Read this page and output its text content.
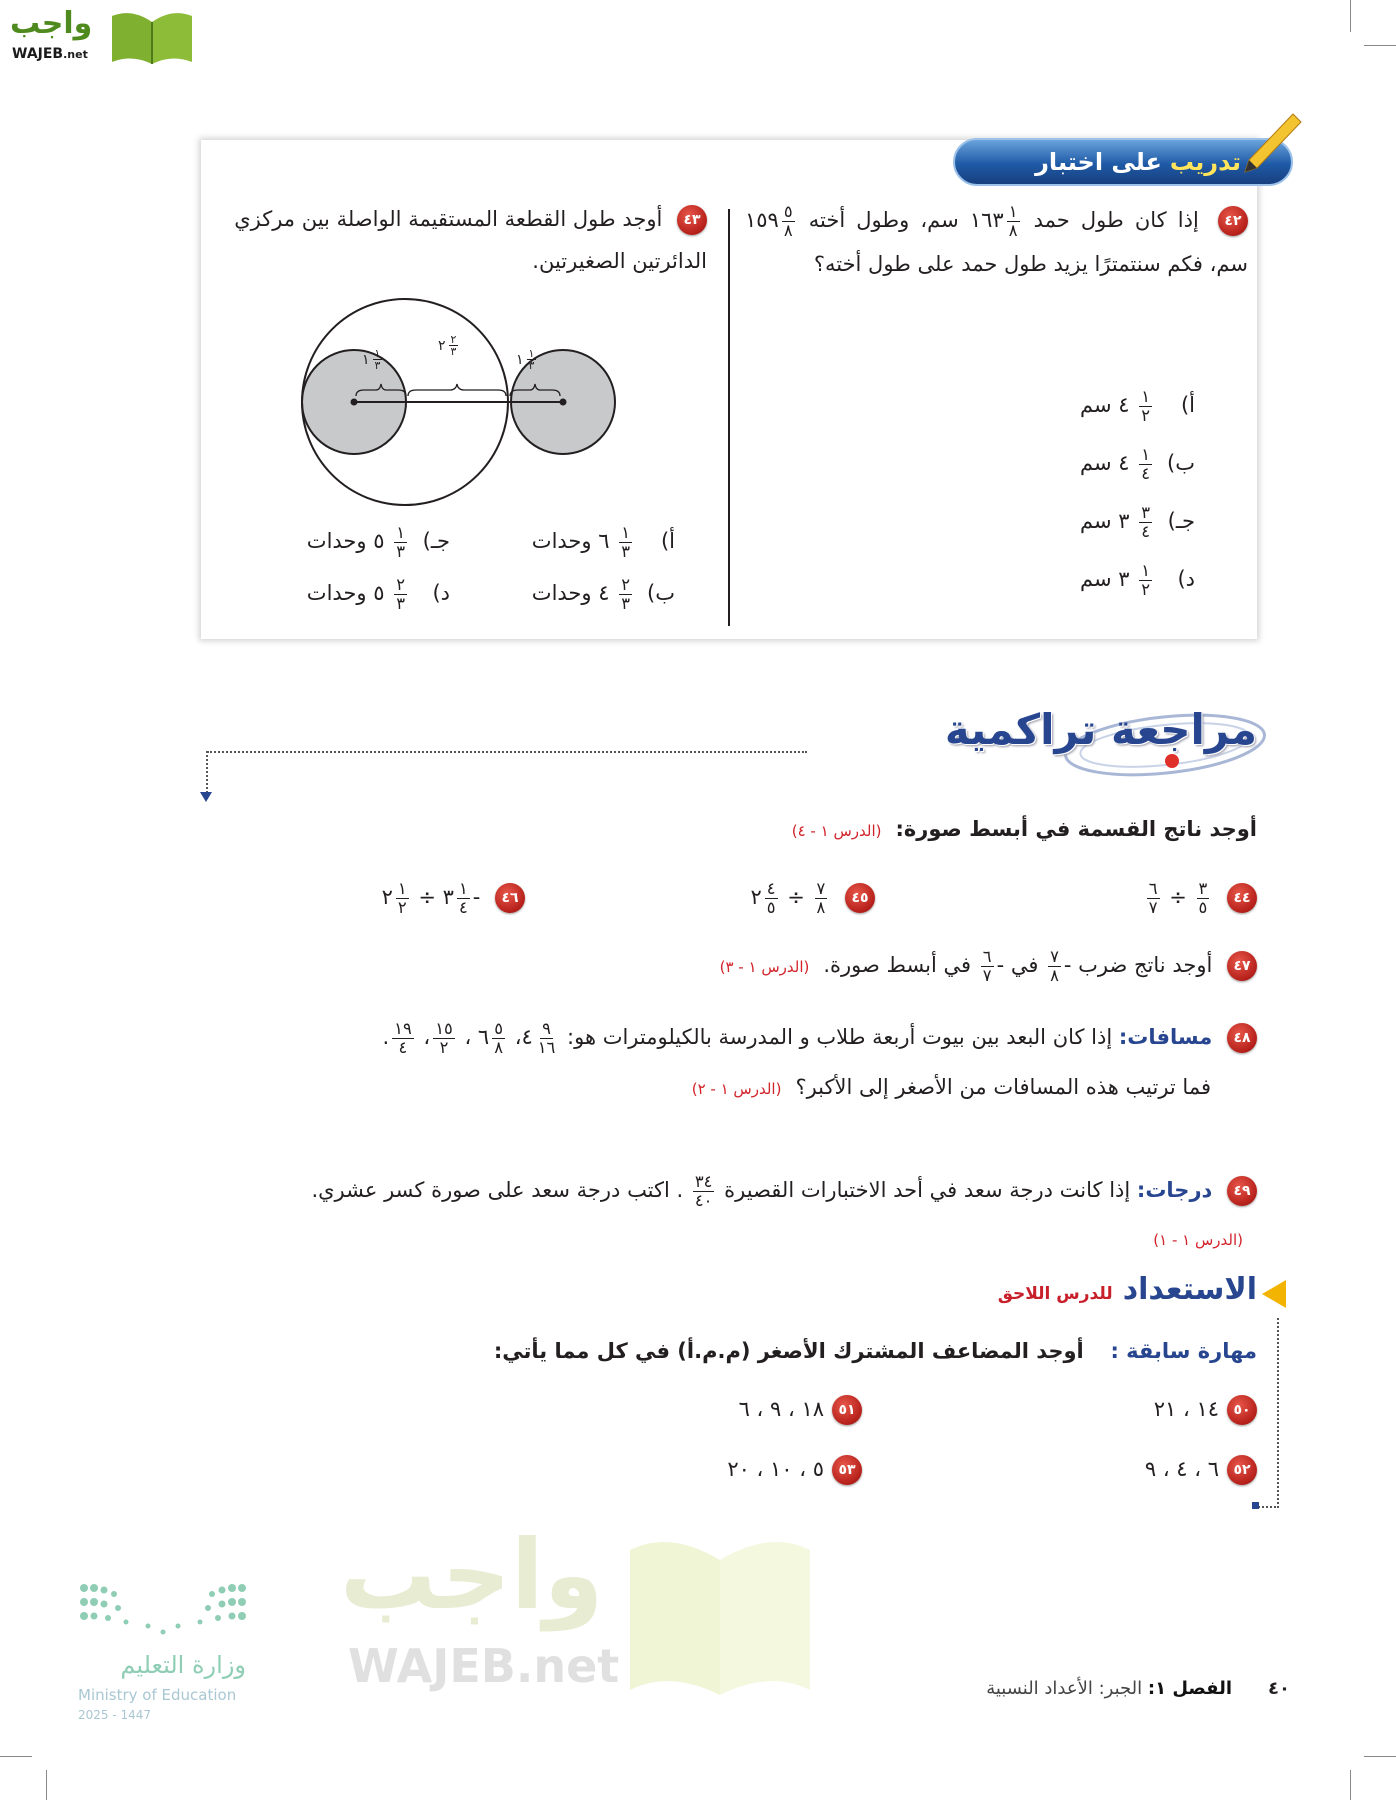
واجب
WAJEB.net
واجب
WAJEB.net
تدريب
على اختبار
٤٢ إذا كان طول حمد
$\frac{١}{٨}$
١٦٣ سم، وطول أخته
$\frac{٥}{٨}$
١٥٩ سم، فكم سنتمترًا يزيد طول حمد على طول أخته؟
أ)
$\frac{١}{٢}$
٤ سم
ب)
$\frac{١}{٤}$
٤ سم
جـ)
$\frac{٣}{٤}$
٣ سم
د)
$\frac{١}{٢}$
٣ سم
٤٣ أوجد طول القطعة المستقيمة الواصلة بين مركزي الدائرتين الصغيرتين.
$\frac{١}{٣}$
١
$\frac{٢}{٣}$
٢
$\frac{١}{٣}$
١
أ)
$\frac{١}{٣}$
٦ وحدات
ب)
$\frac{٢}{٣}$
٤ وحدات
جـ)
$\frac{١}{٣}$
٥ وحدات
د)
$\frac{٢}{٣}$
٥ وحدات
مراجعة تراكمية
أوجد ناتج القسمة في أبسط صورة:(الدرس ١ - ٤)
٤٤
$\frac{٣}{٥}$
÷
$\frac{٦}{٧}$
٤٥
$\frac{٧}{٨}$
÷
$\frac{٤}{٥}$
٢
٤٦ -
$\frac{١}{٤}$
٣ ÷
$\frac{١}{٢}$
٢
٤٧ أوجد ناتج ضرب -
$\frac{٧}{٨}$
في -
$\frac{٦}{٧}$
في أبسط صورة.(الدرس ١ - ٣)
٤٨ مسافات: إذا كان البعد بين بيوت أربعة طلاب و المدرسة بالكيلومترات هو:
$\frac{٩}{١٦}$
٤،
$\frac{٥}{٨}$
٦ ،
$\frac{١٥}{٢}$
،
$\frac{١٩}{٤}$
.
فما ترتيب هذه المسافات من الأصغر إلى الأكبر؟(الدرس ١ - ٢)
٤٩ درجات: إذا كانت درجة سعد في أحد الاختبارات القصيرة
$\frac{٣٤}{٤٠}$
. اكتب درجة سعد على صورة كسر عشري.(الدرس ١ - ١)
الاستعداد
للدرس اللاحق
مهارة سابقة :    أوجد المضاعف المشترك الأصغر (م.م.أ) في كل مما يأتي:
٥٠١٤ ، ٢١
٥١١٨ ، ٩ ، ٦
٥٢٦ ، ٤ ، ٩
٥٣٥ ، ١٠ ، ٢٠
٤٠
الفصل ١: الجبر: الأعداد النسبية
وزارة التعليم
Ministry of Education
2025 - 1447
